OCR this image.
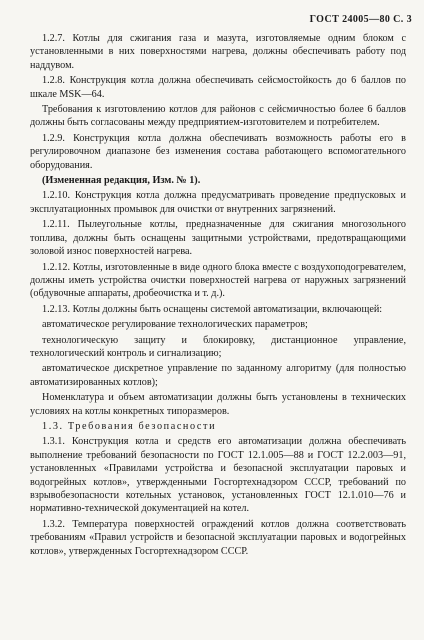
ГОСТ 24005—80 С. 3

1.2.7. Котлы для сжигания газа и мазута, изготовляемые одним блоком с установленными в них поверхностями нагрева, должны обеспечивать работу под наддувом.

1.2.8. Конструкция котла должна обеспечивать сейсмостойкость до 6 баллов по шкале MSK—64.

Требования к изготовлению котлов для районов с сейсмичностью более 6 баллов должны быть согласованы между предприятием-изготовителем и потребителем.

1.2.9. Конструкция котла должна обеспечивать возможность работы его в регулировочном диапазоне без изменения состава работающего вспомогательного оборудования.

(Измененная редакция, Изм. № 1).

1.2.10. Конструкция котла должна предусматривать проведение предпусковых и эксплуатационных промывок для очистки от внутренних загрязнений.

1.2.11. Пылеугольные котлы, предназначенные для сжигания многозольного топлива, должны быть оснащены защитными устройствами, предотвращающими золовой износ поверхностей нагрева.

1.2.12. Котлы, изготовленные в виде одного блока вместе с воздухоподогревателем, должны иметь устройства очистки поверхностей нагрева от наружных загрязнений (обдувочные аппараты, дробеочистка и т. д.).

1.2.13. Котлы должны быть оснащены системой автоматизации, включающей:

автоматическое регулирование технологических параметров;

технологическую защиту и блокировку, дистанционное управление, технологический контроль и сигнализацию;

автоматическое дискретное управление по заданному алгоритму (для полностью автоматизированных котлов);

Номенклатура и объем автоматизации должны быть установлены в технических условиях на котлы конкретных типоразмеров.

1.3. Требования безопасности

1.3.1. Конструкция котла и средств его автоматизации должна обеспечивать выполнение требований безопасности по ГОСТ 12.1.005—88 и ГОСТ 12.2.003—91, установленных «Правилами устройства и безопасной эксплуатации паровых и водогрейных котлов», утвержденными Госгортехнадзором СССР, требований по взрывобезопасности котельных установок, установленных ГОСТ 12.1.010—76 и нормативно-технической документацией на котел.

1.3.2. Температура поверхностей ограждений котлов должна соответствовать требованиям «Правил устройств и безопасной эксплуатации паровых и водогрейных котлов», утвержденных Госгортехнадзором СССР.
